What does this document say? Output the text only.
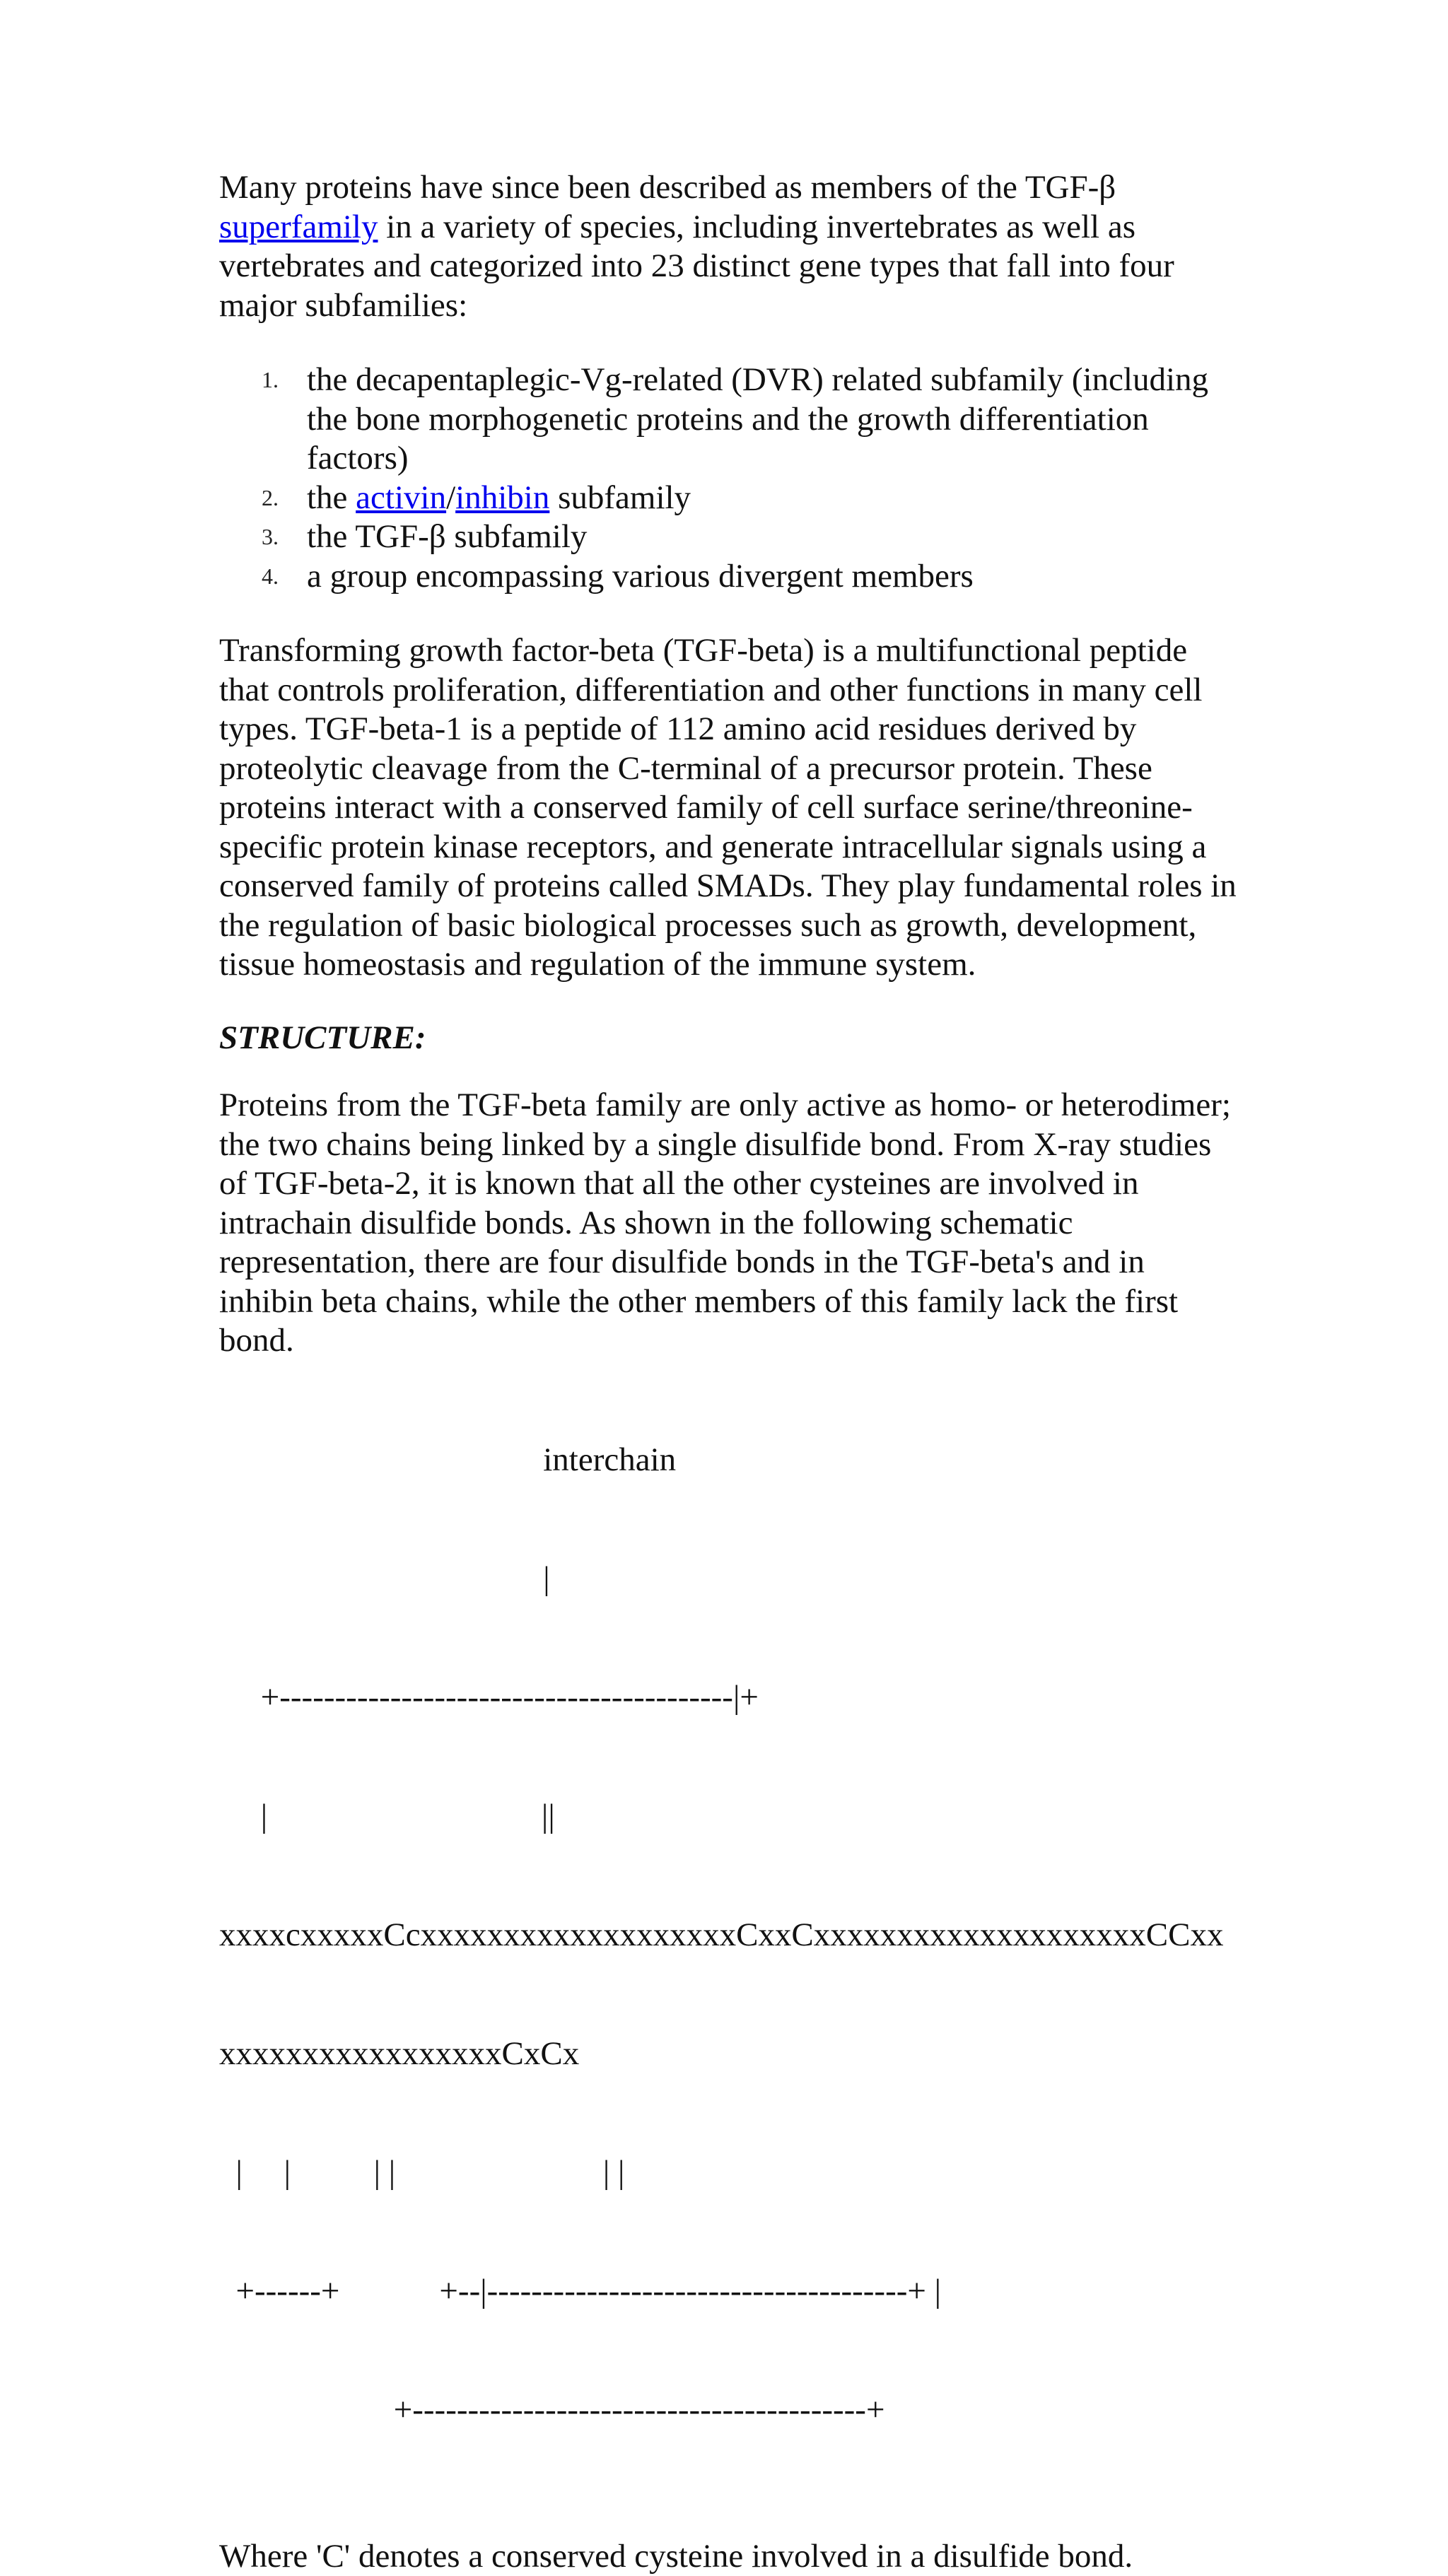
Many proteins have since been described as members of the TGF-β superfamily in a variety of species, including invertebrates as well as vertebrates and categorized into 23 distinct gene types that fall into four major subfamilies:

1. the decapentaplegic-Vg-related (DVR) related subfamily (including the bone morphogenetic proteins and the growth differentiation factors)
2. the activin/inhibin subfamily
3. the TGF-β subfamily
4. a group encompassing various divergent members

Transforming growth factor-beta (TGF-beta) is a multifunctional peptide that controls proliferation, differentiation and other functions in many cell types. TGF-beta-1 is a peptide of 112 amino acid residues derived by proteolytic cleavage from the C-terminal of a precursor protein. These proteins interact with a conserved family of cell surface serine/threonine-specific protein kinase receptors, and generate intracellular signals using a conserved family of proteins called SMADs. They play fundamental roles in the regulation of basic biological processes such as growth, development, tissue homeostasis and regulation of the immune system.

STRUCTURE:

Proteins from the TGF-beta family are only active as homo- or heterodimer; the two chains being linked by a single disulfide bond. From X-ray studies of TGF-beta-2, it is known that all the other cysteines are involved in intrachain disulfide bonds. As shown in the following schematic representation, there are four disulfide bonds in the TGF-beta's and in inhibin beta chains, while the other members of this family lack the first bond.

interchain

|

+-----------------------------------------|+

|                                 ||

xxxxcxxxxxCcxxxxxxxxxxxxxxxxxxxCxxCxxxxxxxxxxxxxxxxxxxxCCxx

xxxxxxxxxxxxxxxxxCxCx

|     |          | |                         | |

+------+            +--|--------------------------------------+ |

+-----------------------------------------+

Where 'C' denotes a conserved cysteine involved in a disulfide bond.
